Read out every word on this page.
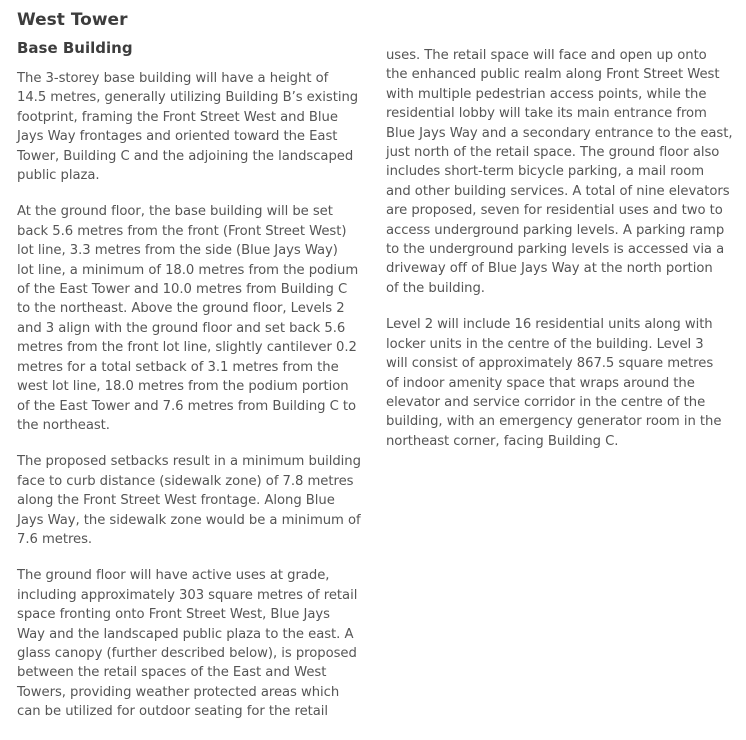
West Tower
Base Building

The 3-storey base building will have a height of
14.5 metres, generally utilizing Building B’s existing
footprint, framing the Front Street West and Blue
Jays Way frontages and oriented toward the East
Tower, Building C and the adjoining the landscaped
public plaza.

At the ground floor, the base building will be set
back 5.6 metres from the front (Front Street West)
lot line, 3.3 metres from the side (Blue Jays Way)
lot line, a minimum of 18.0 metres from the podium
of the East Tower and 10.0 metres from Building C
to the northeast. Above the ground floor, Levels 2
and 3 align with the ground floor and set back 5.6
metres from the front lot line, slightly cantilever 0.2
metres for a total setback of 3.1 metres from the
west lot line, 18.0 metres from the podium portion
of the East Tower and 7.6 metres from Building C to
the northeast.

The proposed setbacks result in a minimum building
face to curb distance (sidewalk zone) of 7.8 metres
along the Front Street West frontage. Along Blue
Jays Way, the sidewalk zone would be a minimum of
7.6 metres.

The ground floor will have active uses at grade,
including approximately 303 square metres of retail
space fronting onto Front Street West, Blue Jays
Way and the landscaped public plaza to the east. A
glass canopy (further described below), is proposed
between the retail spaces of the East and West
Towers, providing weather protected areas which
can be utilized for outdoor seating for the retail

uses. The retail space will face and open up onto
the enhanced public realm along Front Street West
with multiple pedestrian access points, while the
residential lobby will take its main entrance from
Blue Jays Way and a secondary entrance to the east,
just north of the retail space. The ground floor also
includes short-term bicycle parking, a mail room
and other building services. A total of nine elevators
are proposed, seven for residential uses and two to
access underground parking levels. A parking ramp
to the underground parking levels is accessed via a
driveway off of Blue Jays Way at the north portion
of the building.

Level 2 will include 16 residential units along with
locker units in the centre of the building. Level 3
will consist of approximately 867.5 square metres
of indoor amenity space that wraps around the
elevator and service corridor in the centre of the
building, with an emergency generator room in the
northeast corner, facing Building C.
